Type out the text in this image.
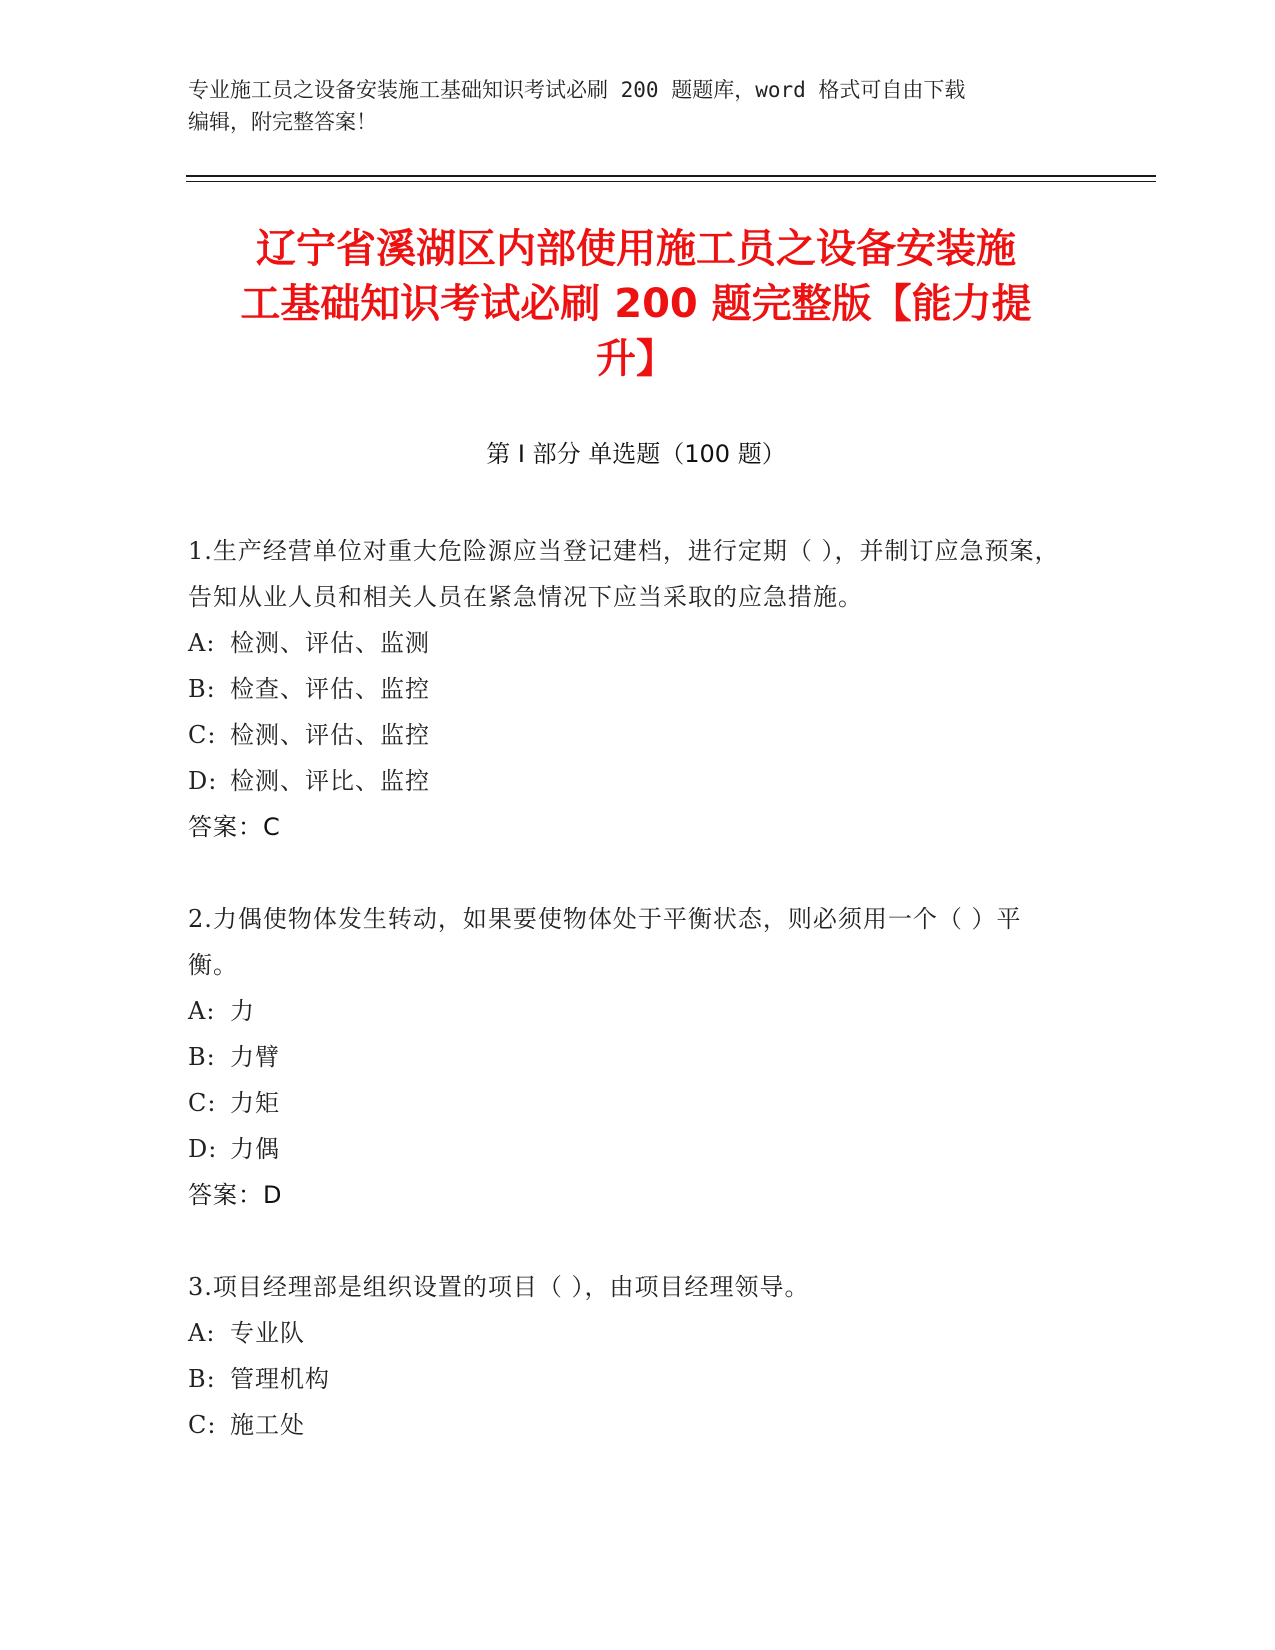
专业施工员之设备安装施工基础知识考试必刷 200 题题库，word 格式可自由下载
编辑，附完整答案！
辽宁省溪湖区内部使用施工员之设备安装施
工基础知识考试必刷 200 题完整版【能力提
升】
第 I 部分 单选题（100 题）

1.生产经营单位对重大危险源应当登记建档，进行定期（ ），并制订应急预案，告知从业人员和相关人员在紧急情况下应当采取的应急措施。

A: 检测、评估、监测
B: 检查、评估、监控
C: 检测、评估、监控
D: 检测、评比、监控

答案：C

2.力偶使物体发生转动，如果要使物体处于平衡状态，则必须用一个（ ）平衡。

A: 力
B: 力臂
C: 力矩
D: 力偶

答案：D

3.项目经理部是组织设置的项目（ ），由项目经理领导。

A: 专业队
B: 管理机构
C: 施工处
